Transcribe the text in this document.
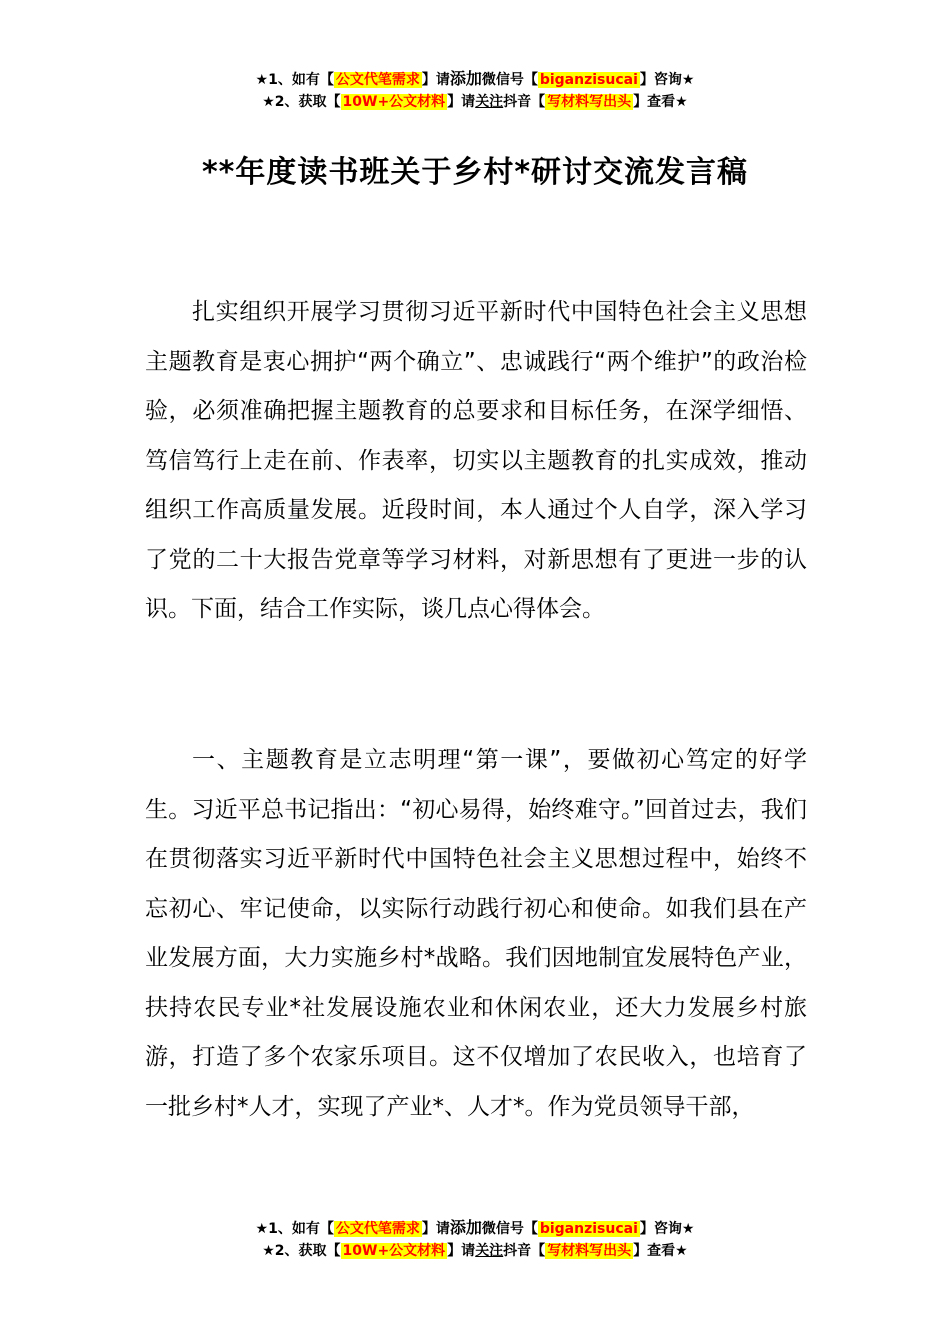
★1、如有【 公文代笔需求 】请添加微信号【 biganzisucai 】咨询★
★2、获取【 10W+公文材料 】请关注抖音【 写材料写出头 】查看★
**年度读书班关于乡村*研讨交流发言稿

扎实组织开展学习贯彻习近平新时代中国特色社会主义思想主题教育是衷心拥护“两个确立”、忠诚践行“两个维护”的政治检验，必须准确把握主题教育的总要求和目标任务，在深学细悟、笃信笃行上走在前、作表率，切实以主题教育的扎实成效，推动组织工作高质量发展。近段时间，本人通过个人自学，深入学习了党的二十大报告党章等学习材料，对新思想有了更进一步的认识。下面，结合工作实际，谈几点心得体会。

一、主题教育是立志明理“第一课”，要做初心笃定的好学生。习近平总书记指出：“初心易得，始终难守。”回首过去，我们在贯彻落实习近平新时代中国特色社会主义思想过程中，始终不忘初心、牢记使命，以实际行动践行初心和使命。如我们县在产业发展方面，大力实施乡村*战略。我们因地制宜发展特色产业，扶持农民专业*社发展设施农业和休闲农业，还大力发展乡村旅游，打造了多个农家乐项目。这不仅增加了农民收入，也培育了一批乡村*人才，实现了产业*、人才*。作为党员领导干部，

★1、如有【 公文代笔需求 】请添加微信号【 biganzisucai 】咨询★
★2、获取【 10W+公文材料 】请关注抖音【 写材料写出头 】查看★
